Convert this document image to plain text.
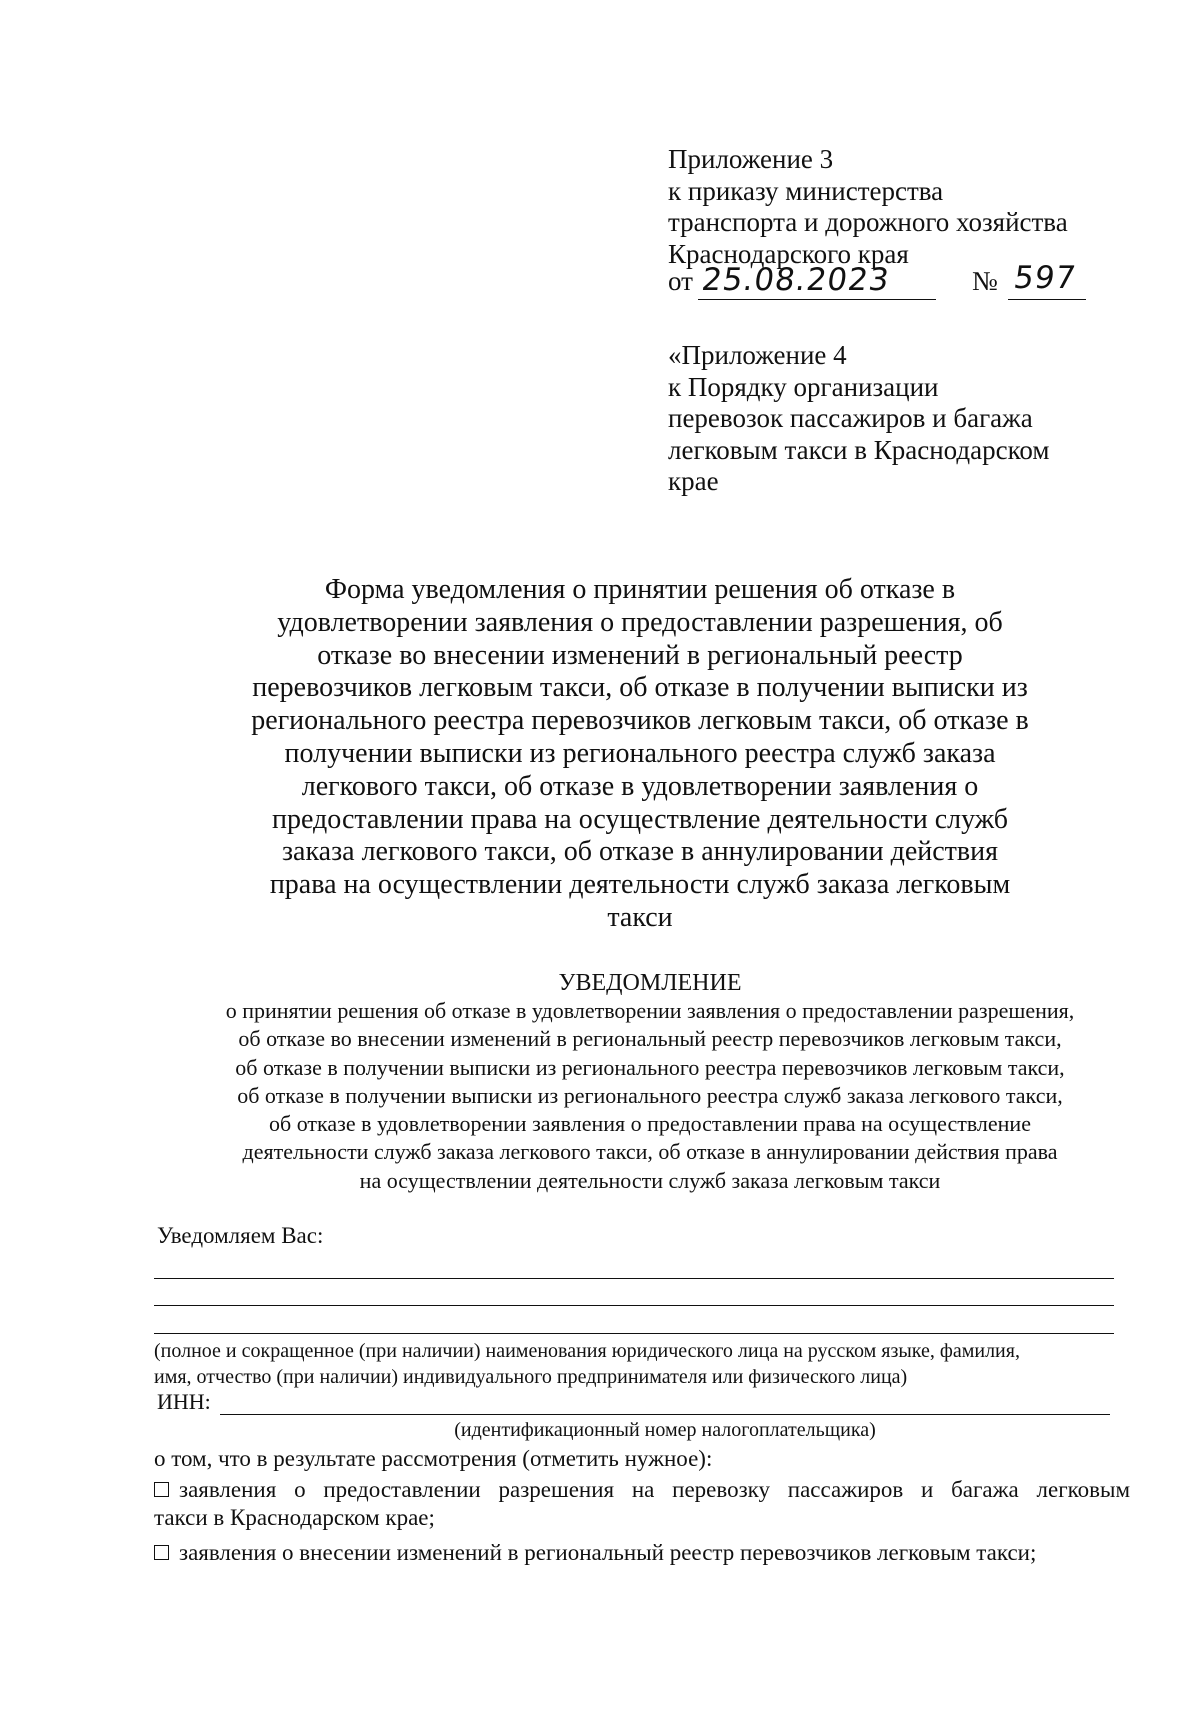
Приложение 3
к приказу министерства
транспорта и дорожного хозяйства
Краснодарского края
от 25.08.2023	№ 597
«Приложение 4
к Порядку организации
перевозок пассажиров и багажа
легковым такси в Краснодарском
крае
Форма уведомления о принятии решения об отказе в
удовлетворении заявления о предоставлении разрешения, об
отказе во внесении изменений в региональный реестр
перевозчиков легковым такси, об отказе в получении выписки из
регионального реестра перевозчиков легковым такси, об отказе в
получении выписки из регионального реестра служб заказа
легкового такси, об отказе в удовлетворении заявления о
предоставлении права на осуществление деятельности служб
заказа легкового такси, об отказе в аннулировании действия
права на осуществлении деятельности служб заказа легковым
такси
УВЕДОМЛЕНИЕ
о принятии решения об отказе в удовлетворении заявления о предоставлении разрешения,
об отказе во внесении изменений в региональный реестр перевозчиков легковым такси,
об отказе в получении выписки из регионального реестра перевозчиков легковым такси,
об отказе в получении выписки из регионального реестра служб заказа легкового такси,
об отказе в удовлетворении заявления о предоставлении права на осуществление
деятельности служб заказа легкового такси, об отказе в аннулировании действия права
на осуществлении деятельности служб заказа легковым такси
Уведомляем Вас:
(полное и сокращенное (при наличии) наименования юридического лица на русском языке, фамилия,
имя, отчество (при наличии) индивидуального предпринимателя или физического лица)
ИНН:
(идентификационный номер налогоплательщика)
о том, что в результате рассмотрения (отметить нужное):
заявления о предоставлении разрешения на перевозку пассажиров и багажа легковым
такси в Краснодарском крае;
заявления о внесении изменений в региональный реестр перевозчиков легковым такси;
